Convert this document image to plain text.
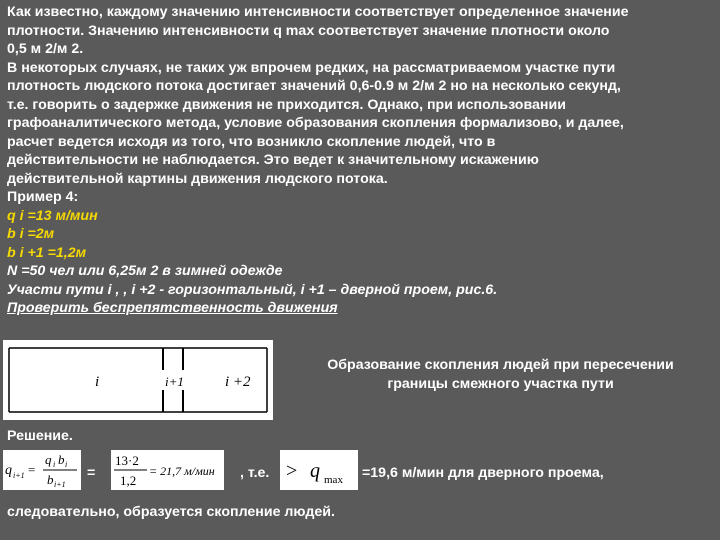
Как известно, каждому значению интенсивности соответствует определенное значение
плотности. Значению интенсивности q max соответствует значение плотности около
0,5 м 2/м 2.
В некоторых случаях, не таких уж впрочем редких, на рассматриваемом участке пути
плотность людского потока достигает значений 0,6-0.9 м 2/м 2 но на несколько секунд,
т.е. говорить о задержке движения не приходится. Однако, при использовании
графоаналитического метода, условие образования скопления формализово, и далее,
расчет ведется исходя из того, что возникло скопление людей, что в
действительности не наблюдается. Это ведет к значительному искажению
действительной картины движения людского потока.
Пример 4:
q i =13 м/мин
b i =2м
b i +1 =1,2м
N =50 чел или 6,25м 2 в зимней одежде
Участи пути i , , i +2 - горизонтальный, i +1 – дверной проем, рис.6.
Проверить беспрепятственность движения
i	i+1	i +2
Образование скопления людей при пересечении
границы смежного участка пути
Решение.
q i+1 =
q i b i
b i+1
=
13·2
1,2
= 21,7 м/мин , т.е. > q max =19,6 м/мин для дверного проема,
следовательно, образуется скопление людей.
